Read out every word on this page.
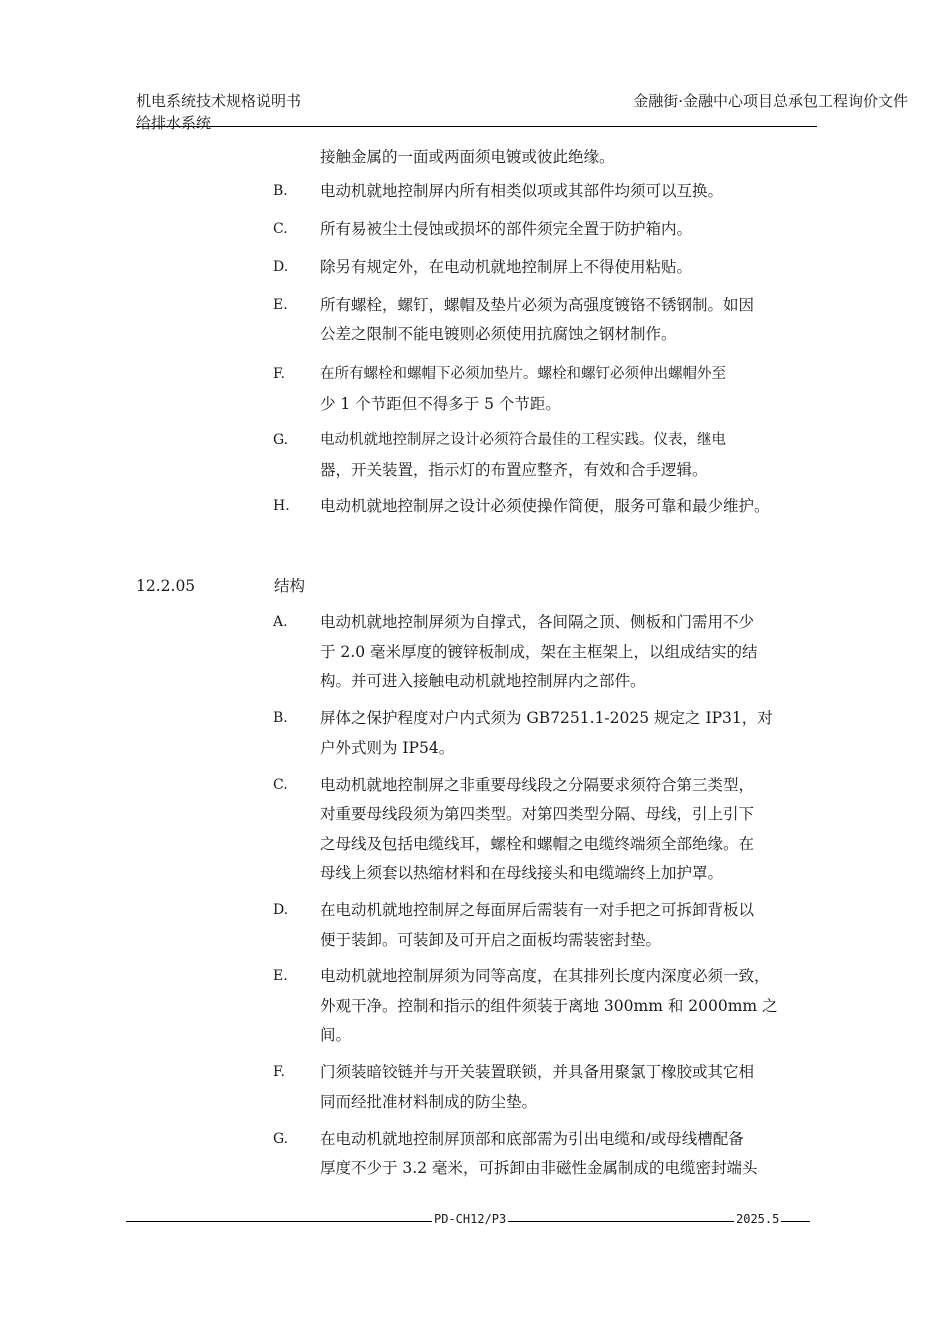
机电系统技术规格说明书
给排水系统
金融街·金融中心项目总承包工程询价文件
接触金属的一面或两面须电镀或彼此绝缘。
B. 电动机就地控制屏内所有相类似项或其部件均须可以互换。
C. 所有易被尘土侵蚀或损坏的部件须完全置于防护箱内。
D. 除另有规定外，在电动机就地控制屏上不得使用粘贴。
E. 所有螺栓，螺钉，螺帽及垫片必须为高强度镀铬不锈钢制。如因
公差之限制不能电镀则必须使用抗腐蚀之钢材制作。
F. 在所有螺栓和螺帽下必须加垫片。螺栓和螺钉必须伸出螺帽外至
少 1 个节距但不得多于 5 个节距。
G. 电动机就地控制屏之设计必须符合最佳的工程实践。仪表，继电
器，开关装置，指示灯的布置应整齐，有效和合手逻辑。
H. 电动机就地控制屏之设计必须使操作简便，服务可靠和最少维护。
12.2.05	结构
A. 电动机就地控制屏须为自撑式，各间隔之顶、侧板和门需用不少
于 2.0 毫米厚度的镀锌板制成，架在主框架上，以组成结实的结
构。并可进入接触电动机就地控制屏内之部件。
B. 屏体之保护程度对户内式须为 GB7251.1-2025 规定之 IP31，对
户外式则为 IP54。
C. 电动机就地控制屏之非重要母线段之分隔要求须符合第三类型，
对重要母线段须为第四类型。对第四类型分隔、母线，引上引下
之母线及包括电缆线耳，螺栓和螺帽之电缆终端须全部绝缘。在
母线上须套以热缩材料和在母线接头和电缆端终上加护罩。
D. 在电动机就地控制屏之每面屏后需装有一对手把之可拆卸背板以
便于装卸。可装卸及可开启之面板均需装密封垫。
E. 电动机就地控制屏须为同等高度，在其排列长度内深度必须一致，
外观干净。控制和指示的组件须装于离地 300mm 和 2000mm 之
间。
F. 门须装暗铰链并与开关装置联锁，并具备用聚氯丁橡胶或其它相
同而经批准材料制成的防尘垫。
G. 在电动机就地控制屏顶部和底部需为引出电缆和/或母线槽配备
厚度不少于 3.2 毫米，可拆卸由非磁性金属制成的电缆密封端头
PD-CH12/P3	2025.5
